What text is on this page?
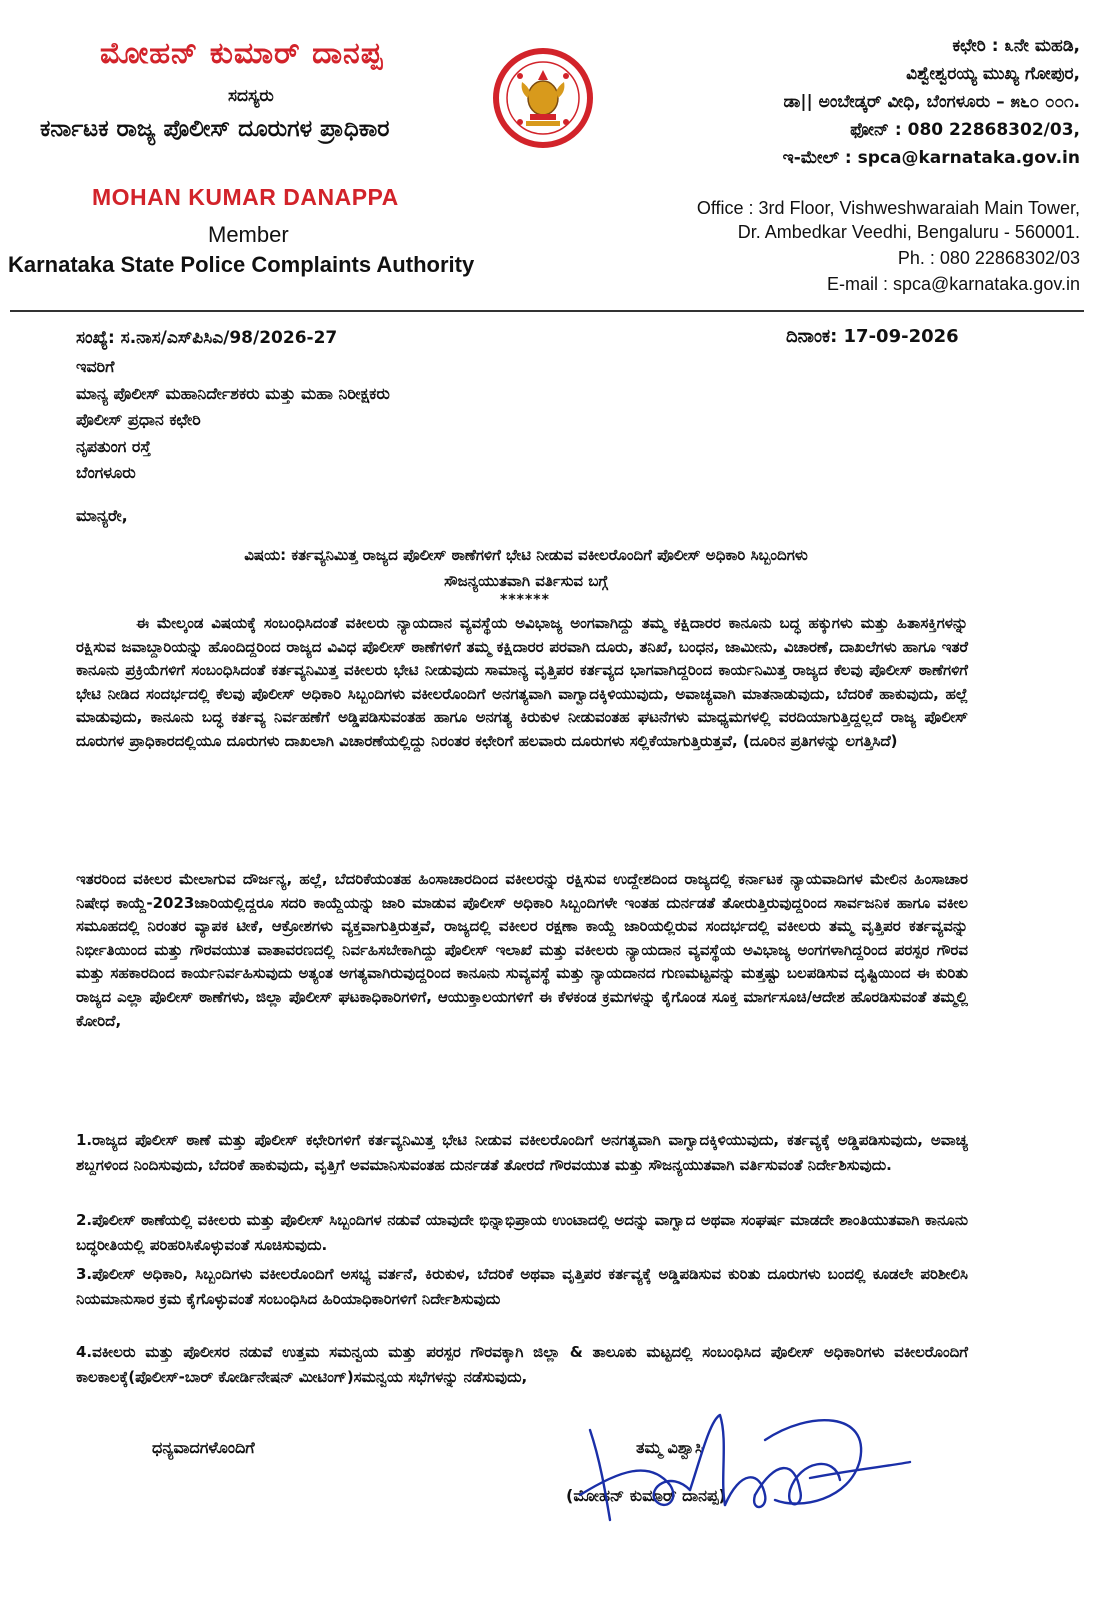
ಮೋಹನ್ ಕುಮಾರ್ ದಾನಪ್ಪ
ಸದಸ್ಯರು
ಕರ್ನಾಟಕ ರಾಜ್ಯ ಪೊಲೀಸ್ ದೂರುಗಳ ಪ್ರಾಧಿಕಾರ
MOHAN KUMAR DANAPPA
Member
Karnataka State Police Complaints Authority
ಕಛೇರಿ : ೩ನೇ ಮಹಡಿ,
ವಿಶ್ವೇಶ್ವರಯ್ಯ ಮುಖ್ಯ ಗೋಪುರ,
ಡಾ|| ಅಂಬೇಡ್ಕರ್ ವೀಧಿ, ಬೆಂಗಳೂರು – ೫೬೦ ೦೦೧.
ಫೋನ್ : 080 22868302/03,
ಇ-ಮೇಲ್ : spca@karnataka.gov.in
Office : 3rd Floor, Vishweshwaraiah Main Tower,
Dr. Ambedkar Veedhi, Bengaluru - 560001.
Ph. : 080 22868302/03
E-mail : spca@karnataka.gov.in
ಸಂಖ್ಯೆ: ಸ.ನಾಸ/ಎಸ್‌ಪಿಸಿಎ/98/2026-27	ದಿನಾಂಕ: 17-09-2026
ಇವರಿಗೆ
ಮಾನ್ಯ ಪೊಲೀಸ್ ಮಹಾನಿರ್ದೇಶಕರು ಮತ್ತು ಮಹಾ ನಿರೀಕ್ಷಕರು
ಪೊಲೀಸ್ ಪ್ರಧಾನ ಕಛೇರಿ
ನೃಪತುಂಗ ರಸ್ತೆ
ಬೆಂಗಳೂರು
ಮಾನ್ಯರೇ,
ವಿಷಯ: ಕರ್ತವ್ಯನಿಮಿತ್ತ ರಾಜ್ಯದ ಪೊಲೀಸ್ ಠಾಣೆಗಳಿಗೆ ಭೇಟಿ ನೀಡುವ ವಕೀಲರೊಂದಿಗೆ ಪೊಲೀಸ್ ಅಧಿಕಾರಿ ಸಿಬ್ಬಂದಿಗಳು
ಸೌಜನ್ಯಯುತವಾಗಿ ವರ್ತಿಸುವ ಬಗ್ಗೆ
******
ಈ ಮೇಲ್ಕಂಡ ವಿಷಯಕ್ಕೆ ಸಂಬಂಧಿಸಿದಂತೆ ವಕೀಲರು ನ್ಯಾಯದಾನ ವ್ಯವಸ್ಥೆಯ ಅವಿಭಾಜ್ಯ ಅಂಗವಾಗಿದ್ದು ತಮ್ಮ ಕಕ್ಷಿದಾರರ ಕಾನೂನು ಬದ್ಧ ಹಕ್ಕುಗಳು ಮತ್ತು ಹಿತಾಸಕ್ತಿಗಳನ್ನು ರಕ್ಷಿಸುವ ಜವಾಬ್ದಾರಿಯನ್ನು ಹೊಂದಿದ್ದರಿಂದ ರಾಜ್ಯದ ವಿವಿಧ ಪೊಲೀಸ್ ಠಾಣೆಗಳಿಗೆ ತಮ್ಮ ಕಕ್ಷಿದಾರರ ಪರವಾಗಿ ದೂರು, ತನಿಖೆ, ಬಂಧನ, ಜಾಮೀನು, ವಿಚಾರಣೆ, ದಾಖಲೆಗಳು ಹಾಗೂ ಇತರೆ ಕಾನೂನು ಪ್ರಕ್ರಿಯೆಗಳಿಗೆ ಸಂಬಂಧಿಸಿದಂತೆ ಕರ್ತವ್ಯನಿಮಿತ್ತ ವಕೀಲರು ಭೇಟಿ ನೀಡುವುದು ಸಾಮಾನ್ಯ ವೃತ್ತಿಪರ ಕರ್ತವ್ಯದ ಭಾಗವಾಗಿದ್ದರಿಂದ ಕಾರ್ಯನಿಮಿತ್ತ ರಾಜ್ಯದ ಕೆಲವು ಪೊಲೀಸ್ ಠಾಣೆಗಳಿಗೆ ಭೇಟಿ ನೀಡಿದ ಸಂದರ್ಭದಲ್ಲಿ ಕೆಲವು ಪೊಲೀಸ್ ಅಧಿಕಾರಿ ಸಿಬ್ಬಂದಿಗಳು ವಕೀಲರೊಂದಿಗೆ ಅನಗತ್ಯವಾಗಿ ವಾಗ್ವಾದಕ್ಕಿಳಿಯುವುದು, ಅವಾಚ್ಯವಾಗಿ ಮಾತನಾಡುವುದು, ಬೆದರಿಕೆ ಹಾಕುವುದು, ಹಲ್ಲೆ ಮಾಡುವುದು, ಕಾನೂನು ಬದ್ಧ ಕರ್ತವ್ಯ ನಿರ್ವಹಣೆಗೆ ಅಡ್ಡಿಪಡಿಸುವಂತಹ ಹಾಗೂ ಅನಗತ್ಯ ಕಿರುಕುಳ ನೀಡುವಂತಹ ಘಟನೆಗಳು ಮಾಧ್ಯಮಗಳಲ್ಲಿ ವರದಿಯಾಗುತ್ತಿದ್ದಲ್ಲದೆ ರಾಜ್ಯ ಪೊಲೀಸ್ ದೂರುಗಳ ಪ್ರಾಧಿಕಾರದಲ್ಲಿಯೂ ದೂರುಗಳು ದಾಖಲಾಗಿ ವಿಚಾರಣೆಯಲ್ಲಿದ್ದು ನಿರಂತರ ಕಛೇರಿಗೆ ಹಲವಾರು ದೂರುಗಳು ಸಲ್ಲಿಕೆಯಾಗುತ್ತಿರುತ್ತವೆ, (ದೂರಿನ ಪ್ರತಿಗಳನ್ನು ಲಗತ್ತಿಸಿದೆ)
ಇತರರಿಂದ ವಕೀಲರ ಮೇಲಾಗುವ ದೌರ್ಜನ್ಯ, ಹಲ್ಲೆ, ಬೆದರಿಕೆಯಂತಹ ಹಿಂಸಾಚಾರದಿಂದ ವಕೀಲರನ್ನು ರಕ್ಷಿಸುವ ಉದ್ದೇಶದಿಂದ ರಾಜ್ಯದಲ್ಲಿ ಕರ್ನಾಟಕ ನ್ಯಾಯವಾದಿಗಳ ಮೇಲಿನ ಹಿಂಸಾಚಾರ ನಿಷೇಧ ಕಾಯ್ದೆ-2023ಜಾರಿಯಲ್ಲಿದ್ದರೂ ಸದರಿ ಕಾಯ್ದೆಯನ್ನು ಜಾರಿ ಮಾಡುವ ಪೊಲೀಸ್ ಅಧಿಕಾರಿ ಸಿಬ್ಬಂದಿಗಳೇ ಇಂತಹ ದುರ್ನಡತೆ ತೋರುತ್ತಿರುವುದ್ದರಿಂದ ಸಾರ್ವಜನಿಕ ಹಾಗೂ ವಕೀಲ ಸಮೂಹದಲ್ಲಿ ನಿರಂತರ ವ್ಯಾಪಕ ಟೀಕೆ, ಆಕ್ರೋಶಗಳು ವ್ಯಕ್ತವಾಗುತ್ತಿರುತ್ತವೆ, ರಾಜ್ಯದಲ್ಲಿ ವಕೀಲರ ರಕ್ಷಣಾ ಕಾಯ್ದೆ ಜಾರಿಯಲ್ಲಿರುವ ಸಂದರ್ಭದಲ್ಲಿ ವಕೀಲರು ತಮ್ಮ ವೃತ್ತಿಪರ ಕರ್ತವ್ಯವನ್ನು ನಿರ್ಭೀತಿಯಿಂದ ಮತ್ತು ಗೌರವಯುತ ವಾತಾವರಣದಲ್ಲಿ ನಿರ್ವಹಿಸಬೇಕಾಗಿದ್ದು ಪೊಲೀಸ್ ಇಲಾಖೆ ಮತ್ತು ವಕೀಲರು ನ್ಯಾಯದಾನ ವ್ಯವಸ್ಥೆಯ ಅವಿಭಾಜ್ಯ ಅಂಗಗಳಾಗಿದ್ದರಿಂದ ಪರಸ್ಪರ ಗೌರವ ಮತ್ತು ಸಹಕಾರದಿಂದ ಕಾರ್ಯನಿರ್ವಹಿಸುವುದು ಅತ್ಯಂತ ಅಗತ್ಯವಾಗಿರುವುದ್ದರಿಂದ ಕಾನೂನು ಸುವ್ಯವಸ್ಥೆ ಮತ್ತು ನ್ಯಾಯದಾನದ ಗುಣಮಟ್ಟವನ್ನು ಮತ್ತಷ್ಟು ಬಲಪಡಿಸುವ ದೃಷ್ಟಿಯಿಂದ ಈ ಕುರಿತು ರಾಜ್ಯದ ಎಲ್ಲಾ ಪೊಲೀಸ್ ಠಾಣೆಗಳು, ಜಿಲ್ಲಾ ಪೊಲೀಸ್ ಘಟಕಾಧಿಕಾರಿಗಳಿಗೆ, ಆಯುಕ್ತಾಲಯಗಳಿಗೆ ಈ ಕೆಳಕಂಡ ಕ್ರಮಗಳನ್ನು ಕೈಗೊಂಡ ಸೂಕ್ತ ಮಾರ್ಗಸೂಚಿ/ಆದೇಶ ಹೊರಡಿಸುವಂತೆ ತಮ್ಮಲ್ಲಿ ಕೋರಿದೆ,
1.ರಾಜ್ಯದ ಪೊಲೀಸ್ ಠಾಣೆ ಮತ್ತು ಪೊಲೀಸ್ ಕಛೇರಿಗಳಿಗೆ ಕರ್ತವ್ಯನಿಮಿತ್ತ ಭೇಟಿ ನೀಡುವ ವಕೀಲರೊಂದಿಗೆ ಅನಗತ್ಯವಾಗಿ ವಾಗ್ವಾದಕ್ಕಿಳಿಯುವುದು, ಕರ್ತವ್ಯಕ್ಕೆ ಅಡ್ಡಿಪಡಿಸುವುದು, ಅವಾಚ್ಯ ಶಬ್ದಗಳಿಂದ ನಿಂದಿಸುವುದು, ಬೆದರಿಕೆ ಹಾಕುವುದು, ವೃತ್ತಿಗೆ ಅವಮಾನಿಸುವಂತಹ ದುರ್ನಡತೆ ತೋರದೆ ಗೌರವಯುತ ಮತ್ತು ಸೌಜನ್ಯಯುತವಾಗಿ ವರ್ತಿಸುವಂತೆ ನಿರ್ದೇಶಿಸುವುದು.
2.ಪೊಲೀಸ್ ಠಾಣೆಯಲ್ಲಿ ವಕೀಲರು ಮತ್ತು ಪೊಲೀಸ್ ಸಿಬ್ಬಂದಿಗಳ ನಡುವೆ ಯಾವುದೇ ಭಿನ್ನಾಭಿಪ್ರಾಯ ಉಂಟಾದಲ್ಲಿ ಅದನ್ನು ವಾಗ್ವಾದ ಅಥವಾ ಸಂಘರ್ಷ ಮಾಡದೇ ಶಾಂತಿಯುತವಾಗಿ ಕಾನೂನು ಬದ್ಧರೀತಿಯಲ್ಲಿ ಪರಿಹರಿಸಿಕೊಳ್ಳುವಂತೆ ಸೂಚಿಸುವುದು.
3.ಪೊಲೀಸ್ ಅಧಿಕಾರಿ, ಸಿಬ್ಬಂದಿಗಳು ವಕೀಲರೊಂದಿಗೆ ಅಸಭ್ಯ ವರ್ತನೆ, ಕಿರುಕುಳ, ಬೆದರಿಕೆ ಅಥವಾ ವೃತ್ತಿಪರ ಕರ್ತವ್ಯಕ್ಕೆ ಅಡ್ಡಿಪಡಿಸುವ ಕುರಿತು ದೂರುಗಳು ಬಂದಲ್ಲಿ ಕೂಡಲೇ ಪರಿಶೀಲಿಸಿ ನಿಯಮಾನುಸಾರ ಕ್ರಮ ಕೈಗೊಳ್ಳುವಂತೆ ಸಂಬಂಧಿಸಿದ ಹಿರಿಯಾಧಿಕಾರಿಗಳಿಗೆ ನಿರ್ದೇಶಿಸುವುದು
4.ವಕೀಲರು ಮತ್ತು ಪೊಲೀಸರ ನಡುವೆ ಉತ್ತಮ ಸಮನ್ವಯ ಮತ್ತು ಪರಸ್ಪರ ಗೌರವಕ್ಕಾಗಿ ಜಿಲ್ಲಾ & ತಾಲೂಕು ಮಟ್ಟದಲ್ಲಿ ಸಂಬಂಧಿಸಿದ ಪೊಲೀಸ್ ಅಧಿಕಾರಿಗಳು ವಕೀಲರೊಂದಿಗೆ ಕಾಲಕಾಲಕ್ಕೆ(ಪೊಲೀಸ್-ಬಾರ್ ಕೋರ್ಡಿನೇಷನ್ ಮೀಟಿಂಗ್)ಸಮನ್ವಯ ಸಭೆಗಳನ್ನು ನಡೆಸುವುದು,
ಧನ್ಯವಾದಗಳೊಂದಿಗೆ	ತಮ್ಮ ವಿಶ್ವಾಸಿ
(ಮೋಹನ್ ಕುಮಾರ್ ದಾನಪ್ಪ)
